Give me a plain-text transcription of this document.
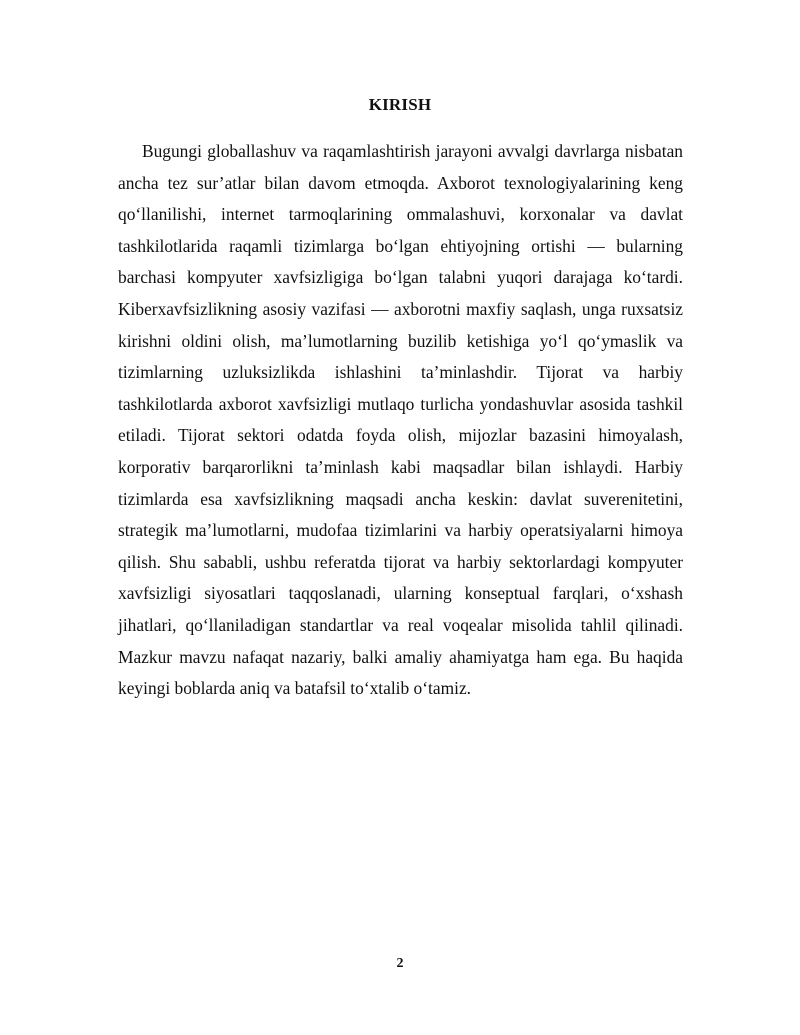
KIRISH

Bugungi globallashuv va raqamlashtirish jarayoni avvalgi davrlarga nisbatan ancha tez sur’atlar bilan davom etmoqda. Axborot texnologiyalarining keng qo‘llanilishi, internet tarmoqlarining ommalashuvi, korxonalar va davlat tashkilotlarida raqamli tizimlarga bo‘lgan ehtiyojning ortishi — bularning barchasi kompyuter xavfsizligiga bo‘lgan talabni yuqori darajaga ko‘tardi. Kiberxavfsizlikning asosiy vazifasi — axborotni maxfiy saqlash, unga ruxsatsiz kirishni oldini olish, ma’lumotlarning buzilib ketishiga yo‘l qo‘ymaslik va tizimlarning uzluksizlikda ishlashini ta’minlashdir. Tijorat va harbiy tashkilotlarda axborot xavfsizligi mutlaqo turlicha yondashuvlar asosida tashkil etiladi. Tijorat sektori odatda foyda olish, mijozlar bazasini himoyalash, korporativ barqarorlikni ta’minlash kabi maqsadlar bilan ishlaydi. Harbiy tizimlarda esa xavfsizlikning maqsadi ancha keskin: davlat suverenitetini, strategik ma’lumotlarni, mudofaa tizimlarini va harbiy operatsiyalarni himoya qilish. Shu sababli, ushbu referatda tijorat va harbiy sektorlardagi kompyuter xavfsizligi siyosatlari taqqoslanadi, ularning konseptual farqlari, o‘xshash jihatlari, qo‘llaniladigan standartlar va real voqealar misolida tahlil qilinadi. Mazkur mavzu nafaqat nazariy, balki amaliy ahamiyatga ham ega. Bu haqida keyingi boblarda aniq va batafsil to‘xtalib o‘tamiz.

2
